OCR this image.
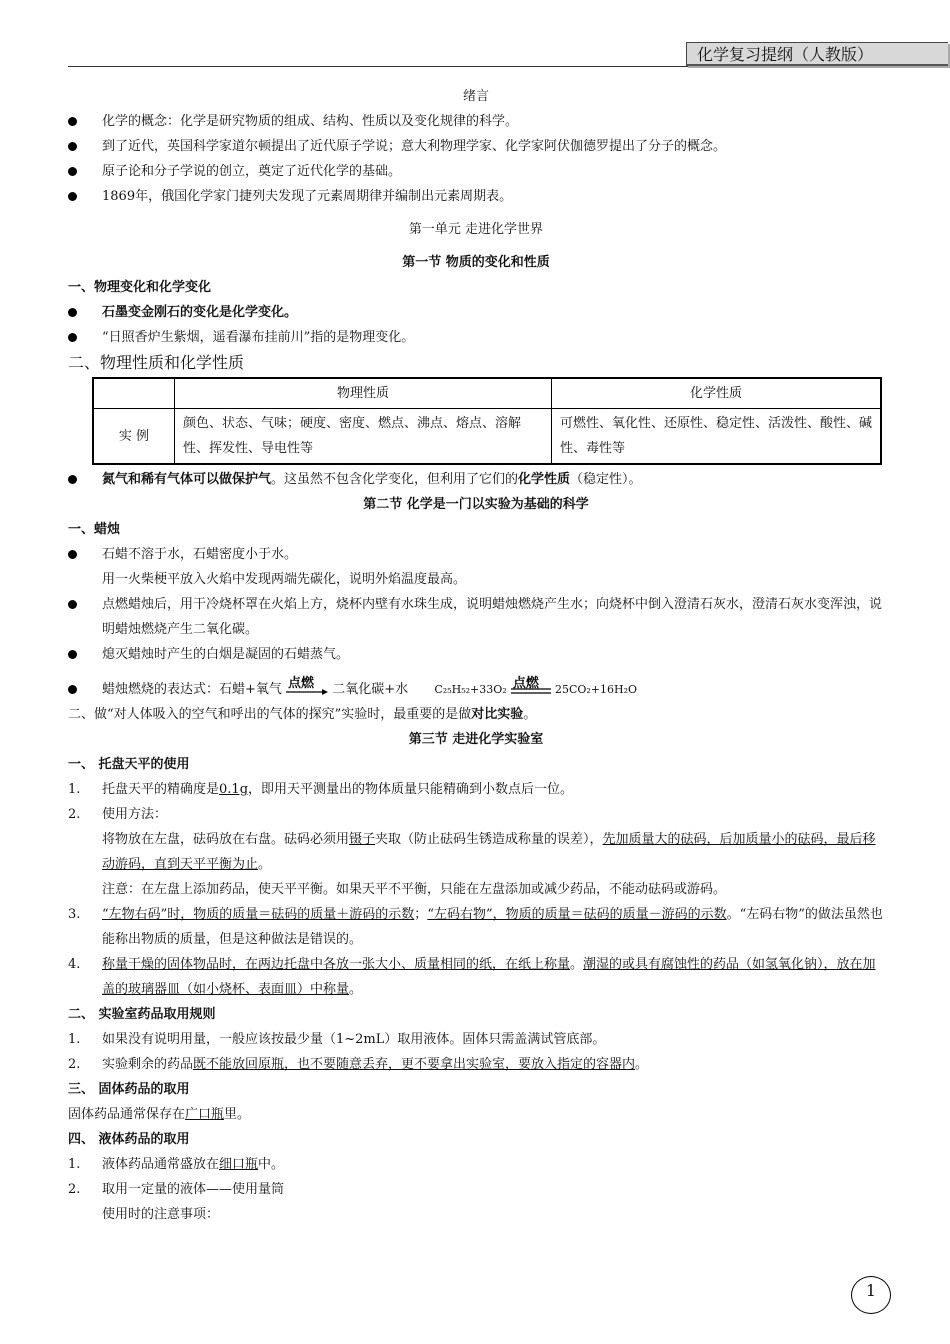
化学复习提纲（人教版）
绪言
化学的概念：化学是研究物质的组成、结构、性质以及变化规律的科学。
到了近代，英国科学家道尔顿提出了近代原子学说；意大利物理学家、化学家阿伏伽德罗提出了分子的概念。
原子论和分子学说的创立，奠定了近代化学的基础。
1869年，俄国化学家门捷列夫发现了元素周期律并编制出元素周期表。
第一单元 走进化学世界
第一节 物质的变化和性质
一、物理变化和化学变化
石墨变金刚石的变化是化学变化。
“日照香炉生紫烟，遥看瀑布挂前川”指的是物理变化。
二、物理性质和化学性质
	物理性质	化学性质
实 例	颜色、状态、气味；硬度、密度、燃点、沸点、熔点、溶解性、挥发性、导电性等	可燃性、氧化性、还原性、稳定性、活泼性、酸性、碱性、毒性等
氮气和稀有气体可以做保护气。这虽然不包含化学变化，但利用了它们的化学性质（稳定性）。
第二节 化学是一门以实验为基础的科学
一、蜡烛
石蜡不溶于水，石蜡密度小于水。
用一火柴梗平放入火焰中发现两端先碳化，说明外焰温度最高。
点燃蜡烛后，用干冷烧杯罩在火焰上方，烧杯内壁有水珠生成，说明蜡烛燃烧产生水；向烧杯中倒入澄清石灰水，澄清石灰水变浑浊，说明蜡烛燃烧产生二氧化碳。
熄灭蜡烛时产生的白烟是凝固的石蜡蒸气。
蜡烛燃烧的表达式：石蜡+氧气 点燃 二氧化碳+水 C₂₅H₅₂+33O₂ 点燃 25CO₂+16H₂O
二、做“对人体吸入的空气和呼出的气体的探究”实验时，最重要的是做对比实验。
第三节 走进化学实验室
一、 托盘天平的使用
1. 托盘天平的精确度是0.1g，即用天平测量出的物体质量只能精确到小数点后一位。
2. 使用方法：
将物放在左盘，砝码放在右盘。砝码必须用镊子夹取（防止砝码生锈造成称量的误差），先加质量大的砝码，后加质量小的砝码，最后移动游码，直到天平平衡为止。
注意：在左盘上添加药品，使天平平衡。如果天平不平衡，只能在左盘添加或减少药品，不能动砝码或游码。
3. “左物右码”时，物质的质量＝砝码的质量＋游码的示数；“左码右物”，物质的质量＝砝码的质量－游码的示数。“左码右物”的做法虽然也能称出物质的质量，但是这种做法是错误的。
4. 称量干燥的固体物品时，在两边托盘中各放一张大小、质量相同的纸，在纸上称量。潮湿的或具有腐蚀性的药品（如氢氧化钠），放在加盖的玻璃器皿（如小烧杯、表面皿）中称量。
二、 实验室药品取用规则
1. 如果没有说明用量，一般应该按最少量（1~2mL）取用液体。固体只需盖满试管底部。
2. 实验剩余的药品既不能放回原瓶，也不要随意丢弃，更不要拿出实验室，要放入指定的容器内。
三、 固体药品的取用
固体药品通常保存在广口瓶里。
四、 液体药品的取用
1. 液体药品通常盛放在细口瓶中。
2. 取用一定量的液体——使用量筒
使用时的注意事项：
1
